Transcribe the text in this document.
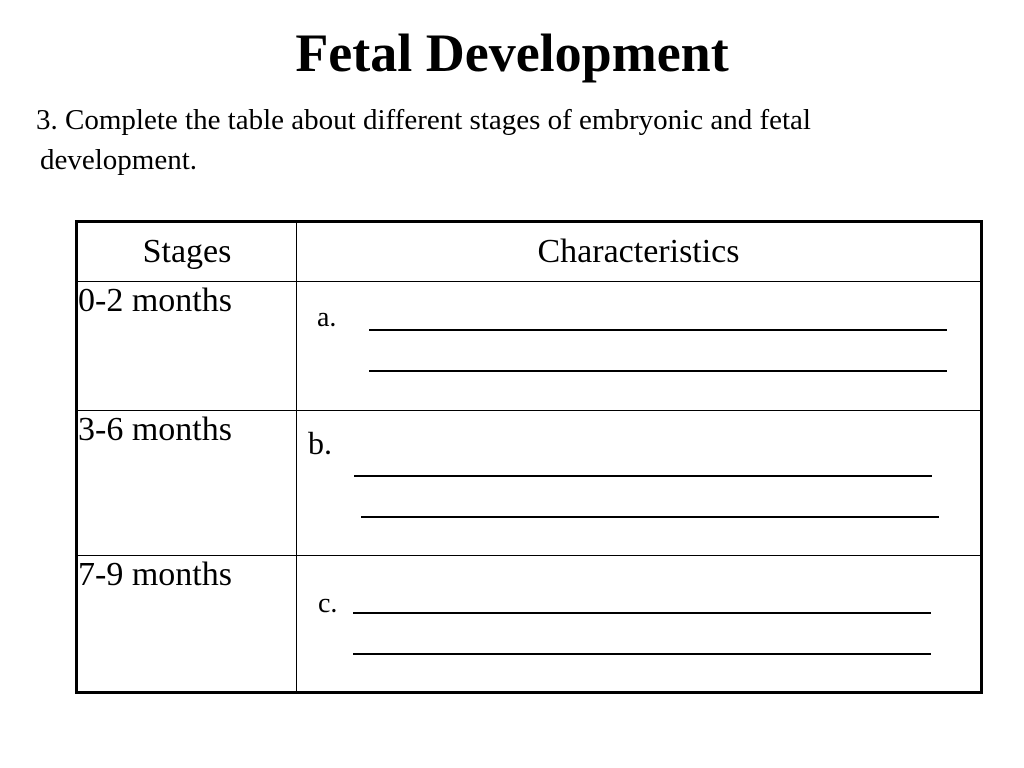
Fetal Development

3. Complete the table about different stages of embryonic and fetal
development.

Stages	Characteristics
0-2 months	a.

3-6 months	b.

7-9 months	c.
